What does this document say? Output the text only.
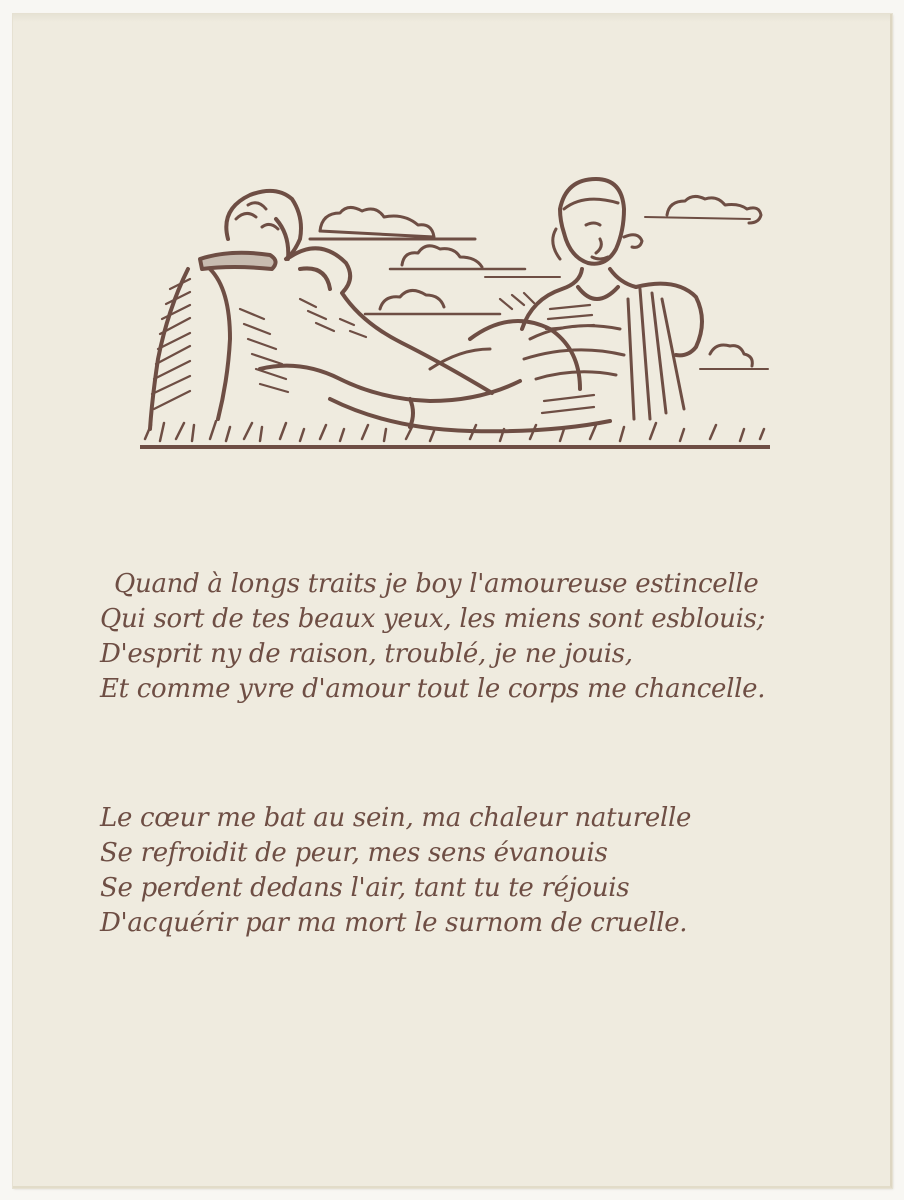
Quand à longs traits je boy l'amoureuse estincelle
Qui sort de tes beaux yeux, les miens sont esblouis;
D'esprit ny de raison, troublé, je ne jouis,
Et comme yvre d'amour tout le corps me chancelle.
Le cœur me bat au sein, ma chaleur naturelle
Se refroidit de peur, mes sens évanouis
Se perdent dedans l'air, tant tu te réjouis
D'acquérir par ma mort le surnom de cruelle.
